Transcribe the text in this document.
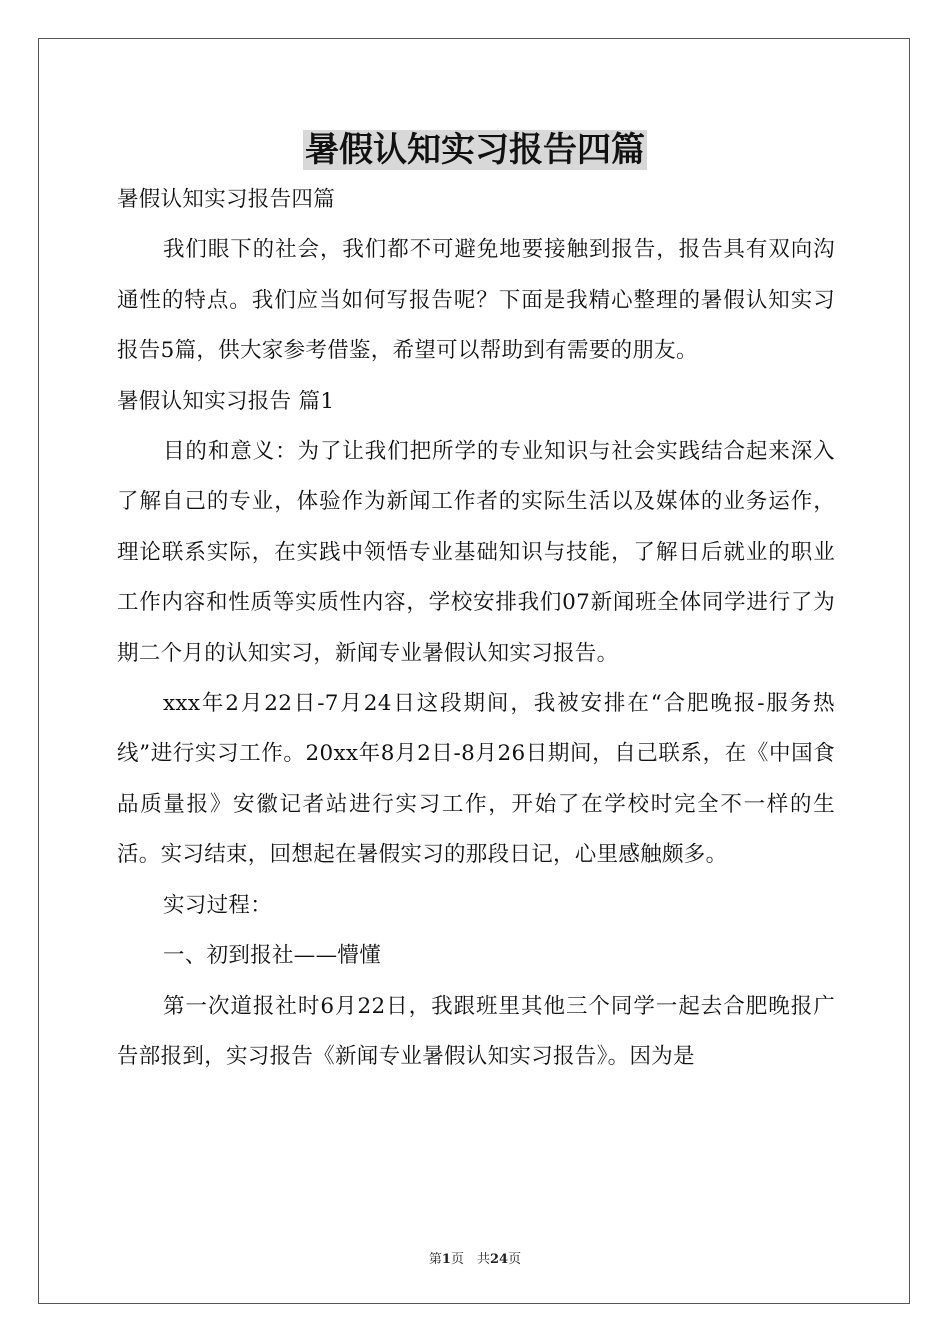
暑假认知实习报告四篇

暑假认知实习报告四篇

我们眼下的社会，我们都不可避免地要接触到报告，报告具有双向沟通性的特点。我们应当如何写报告呢？下面是我精心整理的暑假认知实习报告5篇，供大家参考借鉴，希望可以帮助到有需要的朋友。

暑假认知实习报告 篇1

目的和意义：为了让我们把所学的专业知识与社会实践结合起来深入了解自己的专业，体验作为新闻工作者的实际生活以及媒体的业务运作，理论联系实际，在实践中领悟专业基础知识与技能，了解日后就业的职业工作内容和性质等实质性内容，学校安排我们07新闻班全体同学进行了为期二个月的认知实习，新闻专业暑假认知实习报告。

xxx年2月22日-7月24日这段期间，我被安排在“合肥晚报-服务热线”进行实习工作。20xx年8月2日-8月26日期间，自己联系，在《中国食品质量报》安徽记者站进行实习工作，开始了在学校时完全不一样的生活。实习结束，回想起在暑假实习的那段日记，心里感触颇多。

实习过程：

一、初到报社——懵懂

第一次道报社时6月22日，我跟班里其他三个同学一起去合肥晚报广告部报到，实习报告《新闻专业暑假认知实习报告》。因为是

第1页　共24页
